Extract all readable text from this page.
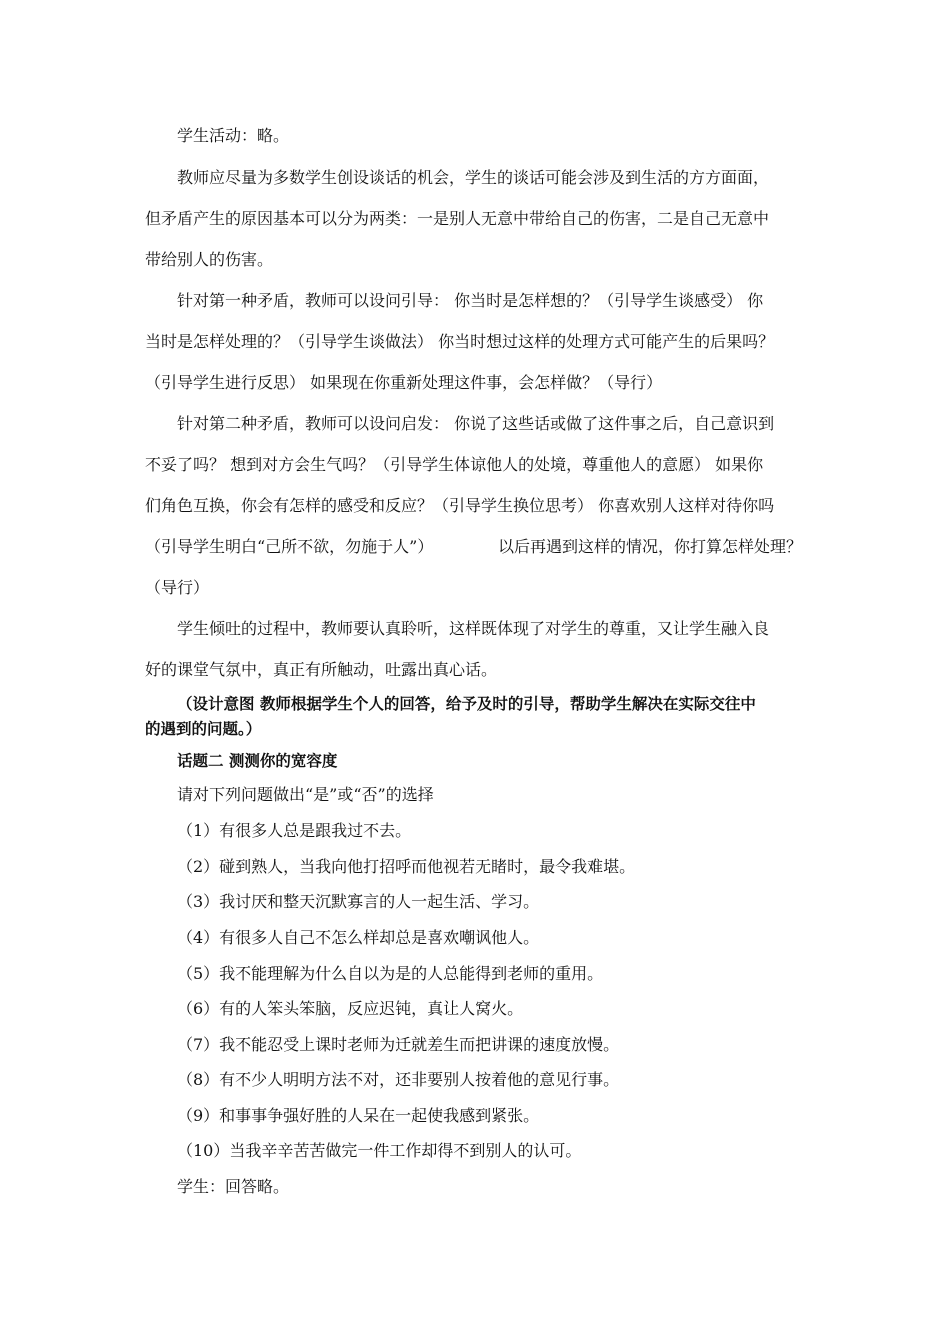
学生活动：略。
教师应尽量为多数学生创设谈话的机会，学生的谈话可能会涉及到生活的方方面面，
但矛盾产生的原因基本可以分为两类：一是别人无意中带给自己的伤害，二是自己无意中
带给别人的伤害。
针对第一种矛盾，教师可以设问引导： 你当时是怎样想的？（引导学生谈感受） 你
当时是怎样处理的？（引导学生谈做法） 你当时想过这样的处理方式可能产生的后果吗？
（引导学生进行反思） 如果现在你重新处理这件事，会怎样做？（导行）
针对第二种矛盾，教师可以设问启发： 你说了这些话或做了这件事之后，自己意识到
不妥了吗？ 想到对方会生气吗？（引导学生体谅他人的处境，尊重他人的意愿） 如果你
们角色互换，你会有怎样的感受和反应？（引导学生换位思考） 你喜欢别人这样对待你吗
（引导学生明白“己所不欲，勿施于人”）	以后再遇到这样的情况，你打算怎样处理？
（导行）
学生倾吐的过程中，教师要认真聆听，这样既体现了对学生的尊重，又让学生融入良
好的课堂气氛中，真正有所触动，吐露出真心话。
（设计意图 教师根据学生个人的回答，给予及时的引导，帮助学生解决在实际交往中
的遇到的问题。）
话题二 测测你的宽容度
请对下列问题做出“是”或“否”的选择
（1）有很多人总是跟我过不去。
（2）碰到熟人，当我向他打招呼而他视若无睹时，最令我难堪。
（3）我讨厌和整天沉默寡言的人一起生活、学习。
（4）有很多人自己不怎么样却总是喜欢嘲讽他人。
（5）我不能理解为什么自以为是的人总能得到老师的重用。
（6）有的人笨头笨脑，反应迟钝，真让人窝火。
（7）我不能忍受上课时老师为迁就差生而把讲课的速度放慢。
（8）有不少人明明方法不对，还非要别人按着他的意见行事。
（9）和事事争强好胜的人呆在一起使我感到紧张。
（10）当我辛辛苦苦做完一件工作却得不到别人的认可。
学生：回答略。
